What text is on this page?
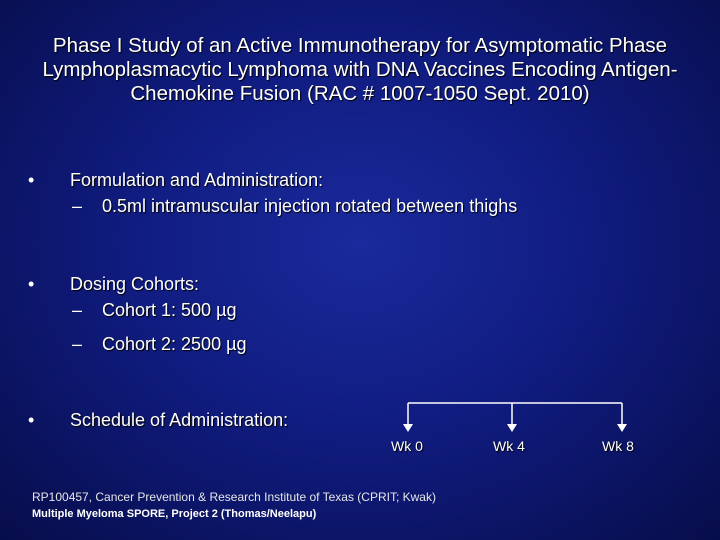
Phase I Study of an Active Immunotherapy for Asymptomatic Phase Lymphoplasmacytic Lymphoma with DNA Vaccines Encoding Antigen-Chemokine Fusion (RAC # 1007-1050 Sept. 2010)
•	Formulation and Administration:
–	0.5ml intramuscular injection rotated between thighs
•	Dosing Cohorts:
–	Cohort 1: 500 µg
–	Cohort 2: 2500 µg
•	Schedule of Administration:
Wk 0	Wk 4	Wk 8
RP100457, Cancer Prevention & Research Institute of Texas (CPRIT; Kwak)
Multiple Myeloma SPORE, Project 2 (Thomas/Neelapu)
